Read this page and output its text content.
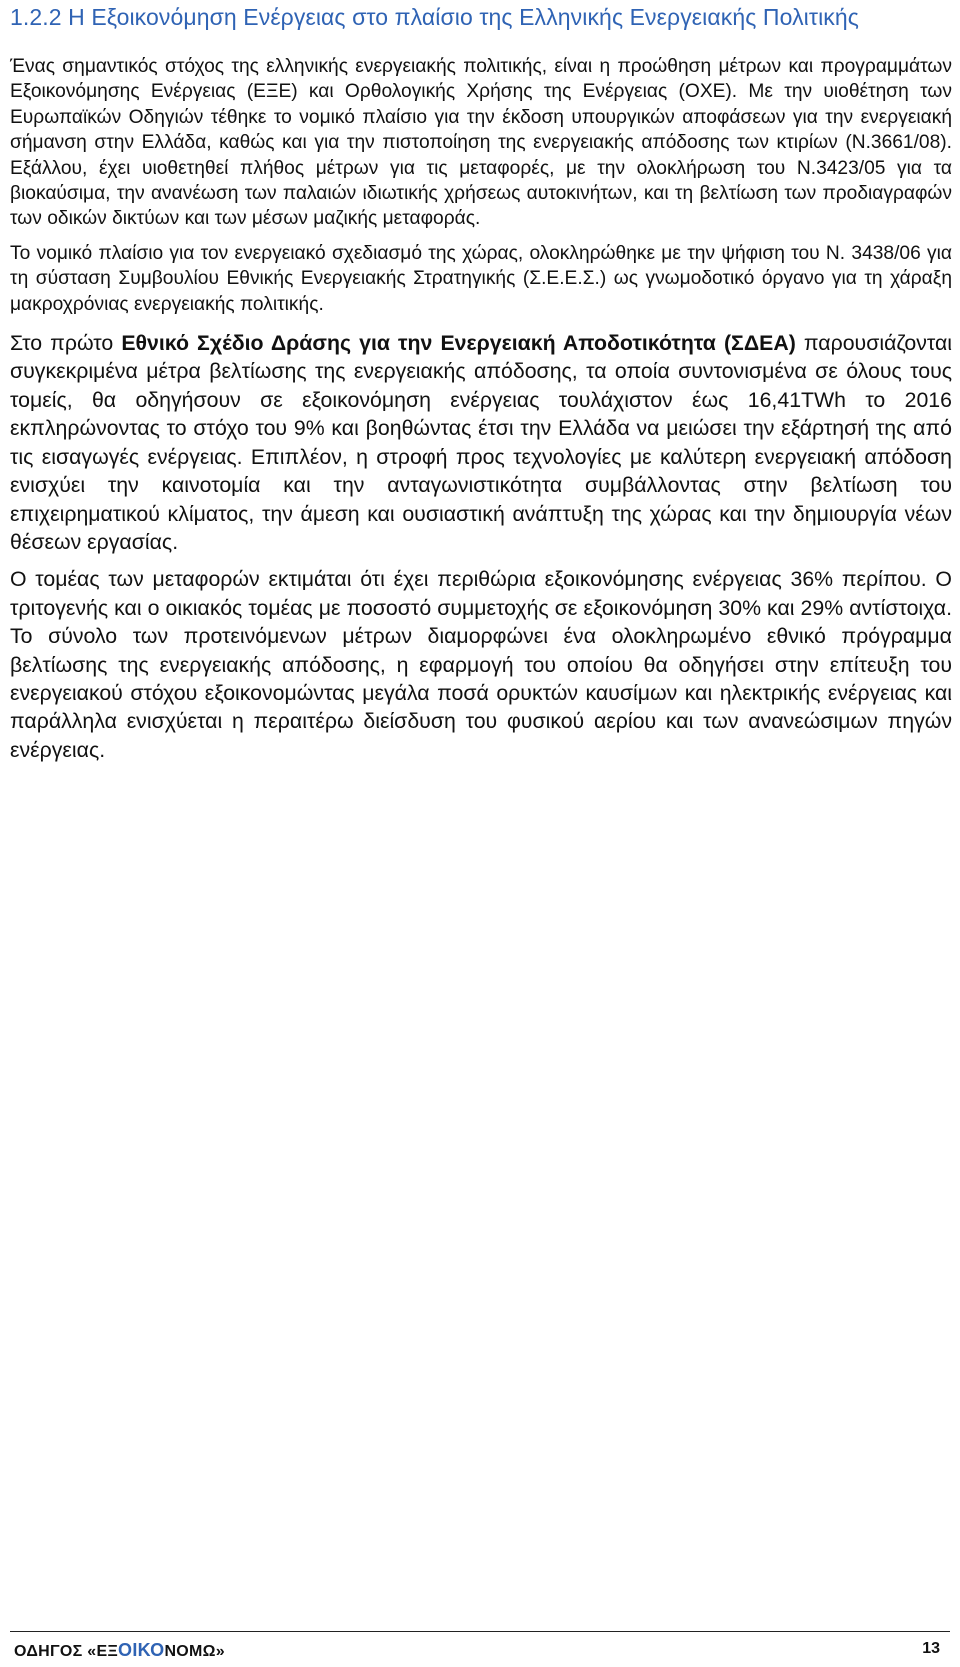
1.2.2 Η Εξοικονόμηση Ενέργειας στο πλαίσιο της Ελληνικής Ενεργειακής Πολιτικής

Ένας σημαντικός στόχος της ελληνικής ενεργειακής πολιτικής, είναι η προώθηση μέτρων και προγραμμάτων Εξοικονόμησης Ενέργειας (ΕΞΕ) και Ορθολογικής Χρήσης της Ενέργειας (ΟΧΕ). Με την υιοθέτηση των Ευρωπαϊκών Οδηγιών τέθηκε το νομικό πλαίσιο για την έκδοση υπουργικών αποφάσεων για την ενεργειακή σήμανση στην Ελλάδα, καθώς και για την πιστοποίηση της ενεργειακής απόδοσης των κτιρίων (Ν.3661/08). Εξάλλου, έχει υιοθετηθεί πλήθος μέτρων για τις μεταφορές, με την ολοκλήρωση του Ν.3423/05 για τα βιοκαύσιμα, την ανανέωση των παλαιών ιδιωτικής χρήσεως αυτοκινήτων, και τη βελτίωση των προδιαγραφών των οδικών δικτύων και των μέσων μαζικής μεταφοράς.

Το νομικό πλαίσιο για τον ενεργειακό σχεδιασμό της χώρας, ολοκληρώθηκε με την ψήφιση του Ν. 3438/06 για τη σύσταση Συμβουλίου Εθνικής Ενεργειακής Στρατηγικής (Σ.Ε.Ε.Σ.) ως γνωμοδοτικό όργανο για τη χάραξη μακροχρόνιας ενεργειακής πολιτικής.

Στο πρώτο Εθνικό Σχέδιο Δράσης για την Ενεργειακή Αποδοτικότητα (ΣΔΕΑ) παρουσιάζονται συγκεκριμένα μέτρα βελτίωσης της ενεργειακής απόδοσης, τα οποία συντονισμένα σε όλους τους τομείς, θα οδηγήσουν σε εξοικονόμηση ενέργειας τουλάχιστον έως 16,41TWh το 2016 εκπληρώνοντας το στόχο του 9% και βοηθώντας έτσι την Ελλάδα να μειώσει την εξάρτησή της από τις εισαγωγές ενέργειας. Επιπλέον, η στροφή προς τεχνολογίες με καλύτερη ενεργειακή απόδοση ενισχύει την καινοτομία και την ανταγωνιστικότητα συμβάλλοντας στην βελτίωση του επιχειρηματικού κλίματος, την άμεση και ουσιαστική ανάπτυξη της χώρας και την δημιουργία νέων θέσεων εργασίας.

Ο τομέας των μεταφορών εκτιμάται ότι έχει περιθώρια εξοικονόμησης ενέργειας 36% περίπου. Ο τριτογενής και ο οικιακός τομέας με ποσοστό συμμετοχής σε εξοικονόμηση 30% και 29% αντίστοιχα. Το σύνολο των προτεινόμενων μέτρων διαμορφώνει ένα ολοκληρωμένο εθνικό πρόγραμμα βελτίωσης της ενεργειακής απόδοσης, η εφαρμογή του οποίου θα οδηγήσει στην επίτευξη του ενεργειακού στόχου εξοικονομώντας μεγάλα ποσά ορυκτών καυσίμων και ηλεκτρικής ενέργειας και παράλληλα ενισχύεται η περαιτέρω διείσδυση του φυσικού αερίου και των ανανεώσιμων πηγών ενέργειας.

ΟΔΗΓΟΣ «ΕΞΟΙΚΟΝΟΜΩ»	13
